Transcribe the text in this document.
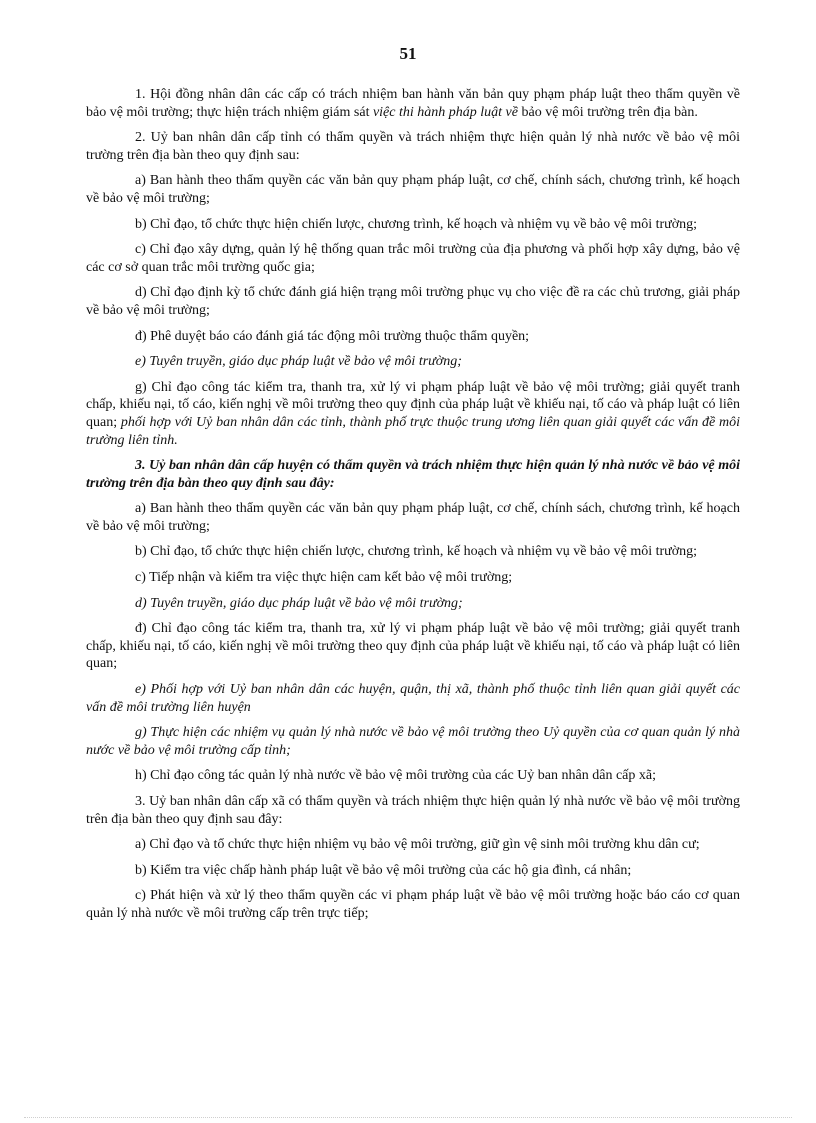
51

1. Hội đồng nhân dân các cấp có trách nhiệm ban hành văn bản quy phạm pháp luật theo thẩm quyền về bảo vệ môi trường; thực hiện trách nhiệm giám sát việc thi hành pháp luật về bảo vệ môi trường trên địa bàn.

2. Uỷ ban nhân dân cấp tỉnh có thẩm quyền và trách nhiệm thực hiện quản lý nhà nước về bảo vệ môi trường trên địa bàn theo quy định sau:

a) Ban hành theo thẩm quyền các văn bản quy phạm pháp luật, cơ chế, chính sách, chương trình, kế hoạch về bảo vệ môi trường;

b) Chỉ đạo, tổ chức thực hiện chiến lược, chương trình, kế hoạch và nhiệm vụ về bảo vệ môi trường;

c) Chỉ đạo xây dựng, quản lý hệ thống quan trắc môi trường của địa phương và phối hợp xây dựng, bảo vệ các cơ sở quan trắc môi trường quốc gia;

d) Chỉ đạo định kỳ tổ chức đánh giá hiện trạng môi trường phục vụ cho việc đề ra các chủ trương, giải pháp về bảo vệ môi trường;

đ) Phê duyệt báo cáo đánh giá tác động môi trường thuộc thẩm quyền;

e) Tuyên truyền, giáo dục pháp luật về bảo vệ môi trường;

g) Chỉ đạo công tác kiểm tra, thanh tra, xử lý vi phạm pháp luật về bảo vệ môi trường; giải quyết tranh chấp, khiếu nại, tố cáo, kiến nghị về môi trường theo quy định của pháp luật về khiếu nại, tố cáo và pháp luật có liên quan; phối hợp với Uỷ ban nhân dân các tỉnh, thành phố trực thuộc trung ương liên quan giải quyết các vấn đề môi trường liên tỉnh.

3. Uỷ ban nhân dân cấp huyện có thẩm quyền và trách nhiệm thực hiện quản lý nhà nước về bảo vệ môi trường trên địa bàn theo quy định sau đây:

a) Ban hành theo thẩm quyền các văn bản quy phạm pháp luật, cơ chế, chính sách, chương trình, kế hoạch về bảo vệ môi trường;

b) Chỉ đạo, tổ chức thực hiện chiến lược, chương trình, kế hoạch và nhiệm vụ về bảo vệ môi trường;

c) Tiếp nhận và kiểm tra việc thực hiện cam kết bảo vệ môi trường;

d) Tuyên truyền, giáo dục pháp luật về bảo vệ môi trường;

đ) Chỉ đạo công tác kiểm tra, thanh tra, xử lý vi phạm pháp luật về bảo vệ môi trường; giải quyết tranh chấp, khiếu nại, tố cáo, kiến nghị về môi trường theo quy định của pháp luật về khiếu nại, tố cáo và pháp luật có liên quan;

e) Phối hợp với Uỷ ban nhân dân các huyện, quận, thị xã, thành phố thuộc tỉnh liên quan giải quyết các vấn đề môi trường liên huyện

g) Thực hiện các nhiệm vụ quản lý nhà nước về bảo vệ môi trường theo Uỷ quyền của cơ quan quản lý nhà nước về bảo vệ môi trường cấp tỉnh;

h) Chỉ đạo công tác quản lý nhà nước về bảo vệ môi trường của các Uỷ ban nhân dân cấp xã;

3. Uỷ ban nhân dân cấp xã có thẩm quyền và trách nhiệm thực hiện quản lý nhà nước về bảo vệ môi trường trên địa bàn theo quy định sau đây:

a) Chỉ đạo và tổ chức thực hiện nhiệm vụ bảo vệ môi trường, giữ gìn vệ sinh môi trường khu dân cư;

b) Kiểm tra việc chấp hành pháp luật về bảo vệ môi trường của các hộ gia đình, cá nhân;

c) Phát hiện và xử lý theo thẩm quyền các vi phạm pháp luật về bảo vệ môi trường hoặc báo cáo cơ quan quản lý nhà nước về môi trường cấp trên trực tiếp;
